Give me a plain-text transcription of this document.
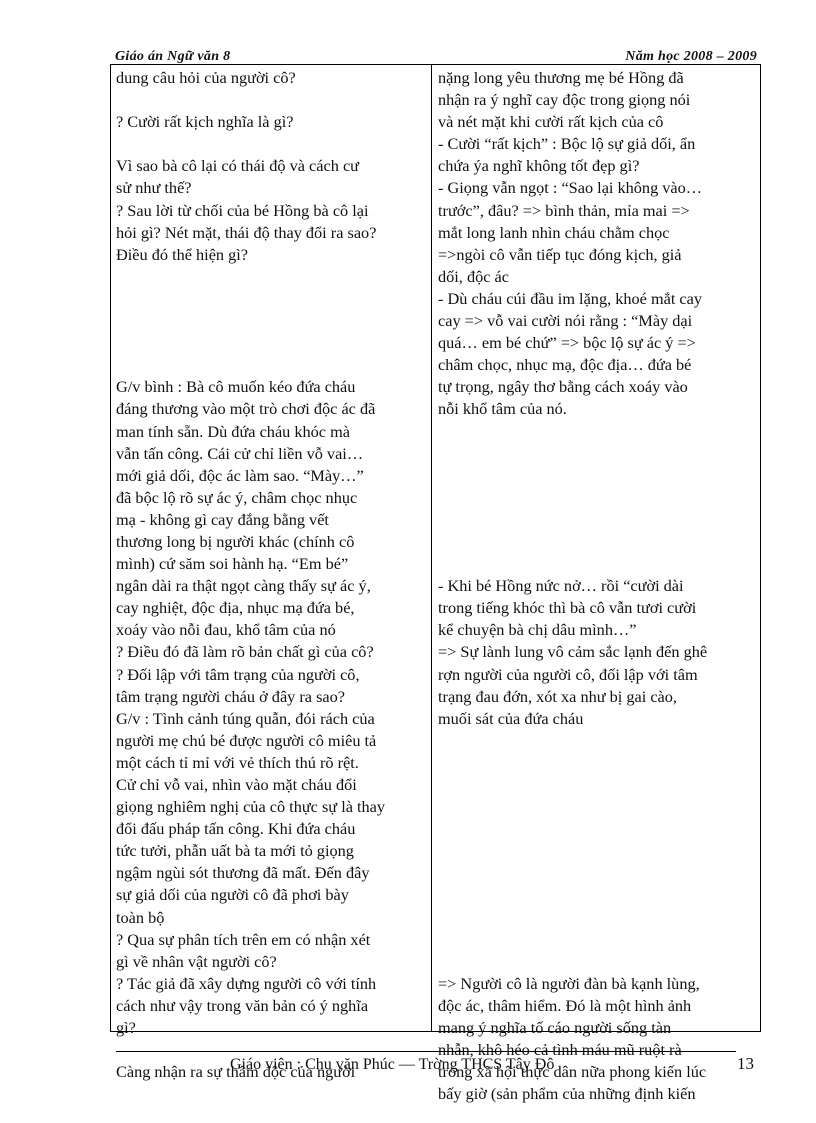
Giáo án Ngữ văn 8	Năm học 2008 – 2009
dung câu hỏi của người cô?
? Cười rất kịch nghĩa là gì?
Vì sao bà cô lại có thái độ và cách cư
sử như thế?
? Sau lời từ chối của bé Hồng bà cô lại
hỏi gì? Nét mặt, thái độ thay đổi ra sao?
Điều đó thể hiện gì?
G/v bình : Bà cô muốn kéo đứa cháu
đáng thương vào một trò chơi độc ác đã
man tính sẵn. Dù đứa cháu khóc mà
vẫn tấn công. Cái cử chỉ liền vỗ vai…
mới giả dối, độc ác làm sao. “Mày…”
đã bộc lộ rõ sự ác ý, châm chọc nhục
mạ - không gì cay đắng bằng vết
thương long bị người khác (chính cô
mình) cứ săm soi hành hạ. “Em bé”
ngân dài ra thật ngọt càng thấy sự ác ý,
cay nghiệt, độc địa, nhục mạ đứa bé,
xoáy vào nỗi đau, khổ tâm của nó
? Điều đó đã làm rõ bản chất gì của cô?
? Đối lập với tâm trạng của người cô,
tâm trạng người cháu ở đây ra sao?
G/v : Tình cảnh túng quẫn, đói rách của
người mẹ chú bé được người cô miêu tả
một cách tỉ mỉ với vẻ thích thú rõ rệt.
Cử chỉ vỗ vai, nhìn vào mặt cháu đổi
giọng nghiêm nghị của cô thực sự là thay
đổi đấu pháp tấn công. Khi đứa cháu
tức tưởi, phẫn uất bà ta mới tỏ giọng
ngậm ngùi sót thương đã mất. Đến đây
sự giả dối của người cô đã phơi bày
toàn bộ
? Qua sự phân tích trên em có nhận xét
gì về nhân vật người cô?
? Tác giả đã xây dựng người cô với tính
cách như vậy trong văn bản có ý nghĩa
gì?
Càng nhận ra sự thâm độc của người
nặng long yêu thương mẹ bé Hồng đã
nhận ra ý nghĩ cay độc trong giọng nói
và nét mặt khi cười rất kịch của cô
- Cười “rất kịch” : Bộc lộ sự giả dối, ẩn
chứa ýa nghĩ không tốt đẹp gì?
- Giọng vẫn ngọt : “Sao lại không vào…
trước”, đâu? => bình thản, mỉa mai =>
mắt long lanh nhìn cháu chằm chọc
=>ngòi cô vẫn tiếp tục đóng kịch, giả
dối, độc ác
- Dù cháu cúi đầu im lặng, khoé mắt cay
cay => vỗ vai cười nói rằng : “Mày dại
quá… em bé chứ” => bộc lộ sự ác ý =>
châm chọc, nhục mạ, độc địa… đứa bé
tự trọng, ngây thơ bằng cách xoáy vào
nỗi khổ tâm của nó.
- Khi bé Hồng nức nở… rồi “cười dài
trong tiếng khóc thì bà cô vẫn tươi cười
kể chuyện bà chị dâu mình…”
=> Sự lành lung vô cảm sắc lạnh đến ghê
rợn người của người cô, đối lập với tâm
trạng đau đớn, xót xa như bị gai cào,
muối sát của đứa cháu
=> Người cô là người đàn bà kạnh lùng,
độc ác, thâm hiểm. Đó là một hình ảnh
mang ý nghĩa tố cáo người sống tàn
nhẫn, khô héo cả tình máu mũ ruột rà
trong xã hội thực dân nữa phong kiến lúc
bấy giờ (sản phẩm của những định kiến
Giáo viên : Chu văn Phúc — Trờng THCS Tây Đô	13
